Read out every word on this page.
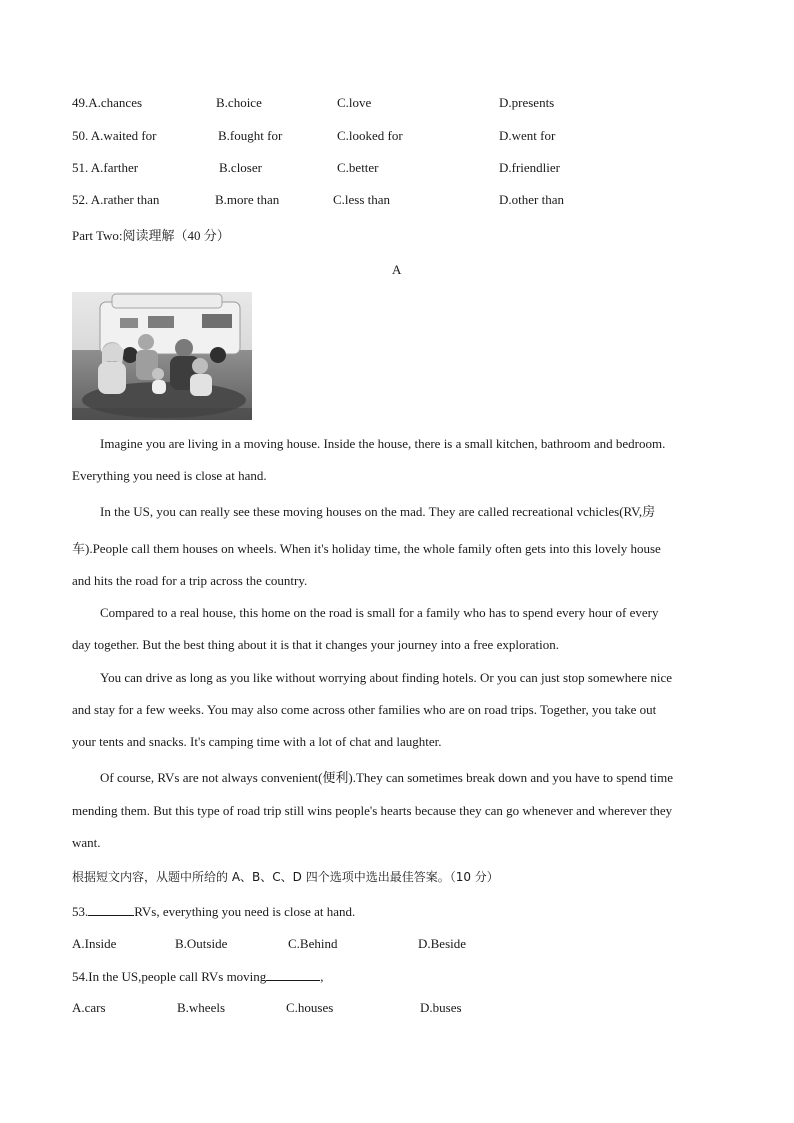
49.A.chances	B.choice	C.love	D.presents
50. A.waited for	B.fought for	C.looked for	D.went for
51. A.farther	B.closer	C.better	D.friendlier
52. A.rather than	B.more than	C.less than	D.other than
Part Two:阅读理解（40 分）
A
Imagine you are living in a moving house. Inside the house, there is a small kitchen, bathroom and bedroom.
Everything you need is close at hand.
In the US, you can really see these moving houses on the mad. They are called recreational vchicles(RV,房
车).People call them houses on wheels. When it's holiday time, the whole family often gets into this lovely house
and hits the road for a trip across the country.
Compared to a real house, this home on the road is small for a family who has to spend every hour of every
day together. But the best thing about it is that it changes your journey into a free exploration.
You can drive as long as you like without worrying about finding hotels. Or you can just stop somewhere nice
and stay for a few weeks. You may also come across other families who are on road trips. Together, you take out
your tents and snacks. It's camping time with a lot of chat and laughter.
Of course, RVs are not always convenient(便利).They can sometimes break down and you have to spend time
mending them. But this type of road trip still wins people's hearts because they can go whenever and wherever they
want.
根据短文内容，从题中所给的 A、B、C、D 四个选项中选出最佳答案。（10 分）
53.	RVs, everything you need is close at hand.
A.Inside	B.Outside	C.Behind	D.Beside
54.In the US,people call RVs moving	,
A.cars	B.wheels	C.houses	D.buses
